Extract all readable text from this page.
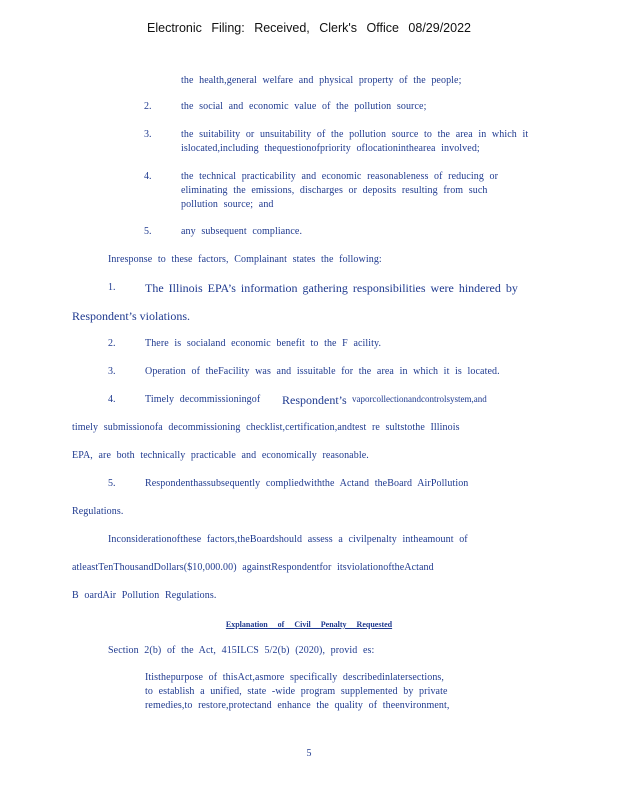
Electronic Filing: Received, Clerk's Office 08/29/2022
the health,general welfare and physical property of the people;
2.	the social and economic value of the pollution source;
3.	the suitability or unsuitability of the pollution source to the area in which it
islocated,including thequestionofpriority oflocationinthearea involved;
4.	the technical practicability and economic reasonableness of reducing or
eliminating the emissions, discharges or deposits resulting from such
pollution source; and
5.	any subsequent compliance.
Inresponse to these factors, Complainant states the following:
1. The Illinois EPA’s information gathering responsibilities were hindered by
Respondent’s violations.
2.	There is socialand economic benefit to the F acility.
3.	Operation of theFacility was and issuitable for the area in which it is located.
4.	Timely decommissioningof Respondent’s vaporcollectionandcontrolsystem,and
timely submissionofa decommissioning checklist,certification,andtest re sultstothe Illinois
EPA, are both technically practicable and economically reasonable.
5.	Respondenthassubsequently compliedwiththe Actand theBoard AirPollution
Regulations.
Inconsiderationofthese factors,theBoardshould assess a civilpenalty intheamount of
atleastTenThousandDollars($10,000.00) againstRespondentfor itsviolationoftheActand
B oardAir Pollution Regulations.
Explanation of Civil Penalty Requested
Section 2(b) of the Act, 415ILCS 5/2(b) (2020), provid es:
Itisthepurpose of thisAct,asmore specifically describedinlatersections,
to establish a unified, state -wide program supplemented by private
remedies,to restore,protectand enhance the quality of theenvironment,
5
